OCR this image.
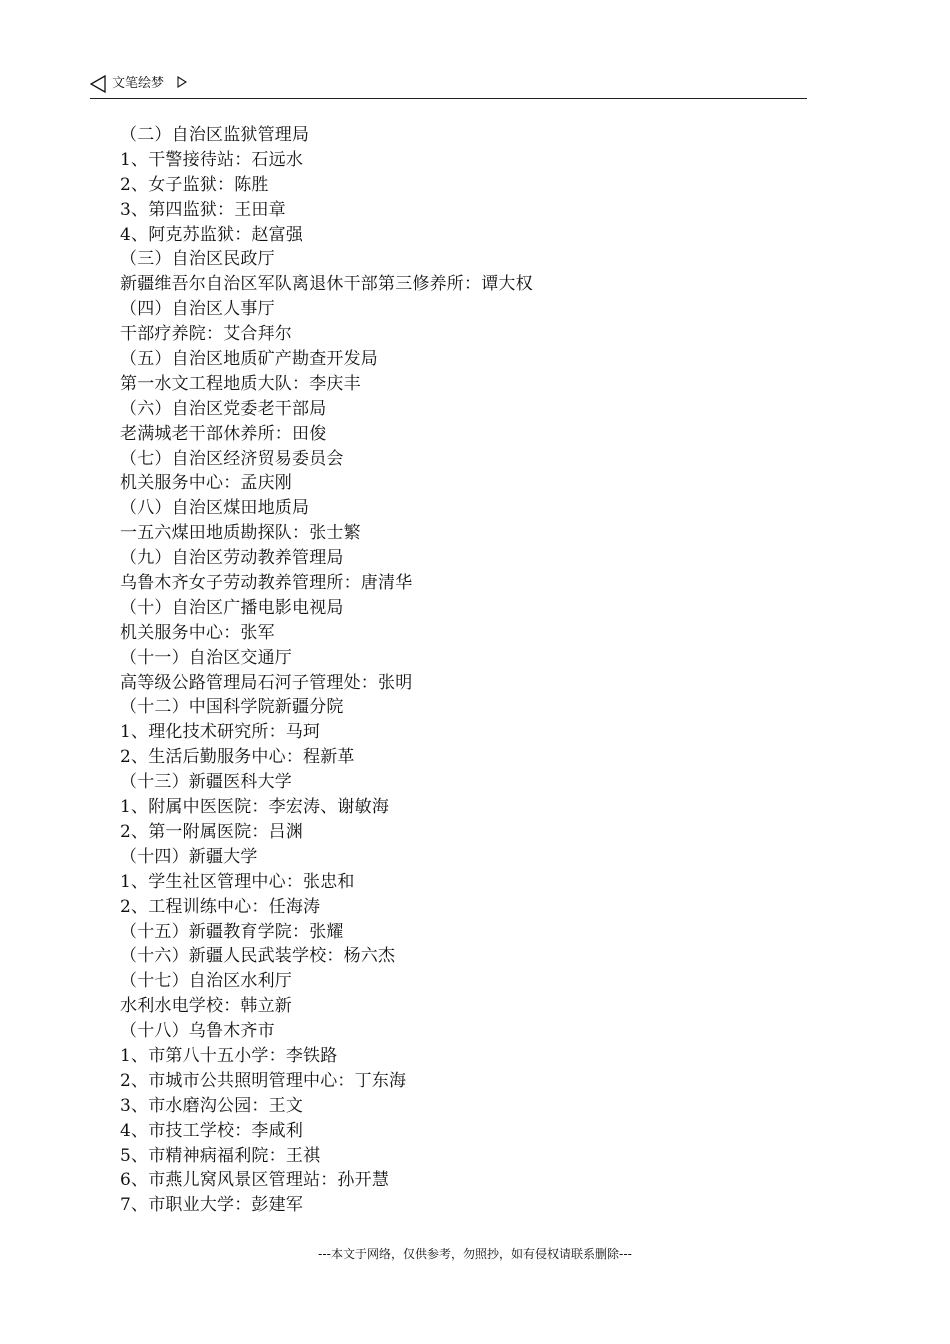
文笔绘梦
（二）自治区监狱管理局
1、干警接待站：石远水
2、女子监狱：陈胜
3、第四监狱：王田章
4、阿克苏监狱：赵富强
（三）自治区民政厅
新疆维吾尔自治区军队离退休干部第三修养所：谭大权
（四）自治区人事厅
干部疗养院：艾合拜尔
（五）自治区地质矿产勘查开发局
第一水文工程地质大队：李庆丰
（六）自治区党委老干部局
老满城老干部休养所：田俊
（七）自治区经济贸易委员会
机关服务中心：孟庆刚
（八）自治区煤田地质局
一五六煤田地质勘探队：张士繁
（九）自治区劳动教养管理局
乌鲁木齐女子劳动教养管理所：唐清华
（十）自治区广播电影电视局
机关服务中心：张军
（十一）自治区交通厅
高等级公路管理局石河子管理处：张明
（十二）中国科学院新疆分院
1、理化技术研究所：马珂
2、生活后勤服务中心：程新革
（十三）新疆医科大学
1、附属中医医院：李宏涛、谢敏海
2、第一附属医院：吕渊
（十四）新疆大学
1、学生社区管理中心：张忠和
2、工程训练中心：任海涛
（十五）新疆教育学院：张耀
（十六）新疆人民武装学校：杨六杰
（十七）自治区水利厅
水利水电学校：韩立新
（十八）乌鲁木齐市
1、市第八十五小学：李铁路
2、市城市公共照明管理中心：丁东海
3、市水磨沟公园：王文
4、市技工学校：李咸利
5、市精神病福利院：王祺
6、市燕儿窝风景区管理站：孙开慧
7、市职业大学：彭建军
---本文于网络，仅供参考，勿照抄，如有侵权请联系删除---
